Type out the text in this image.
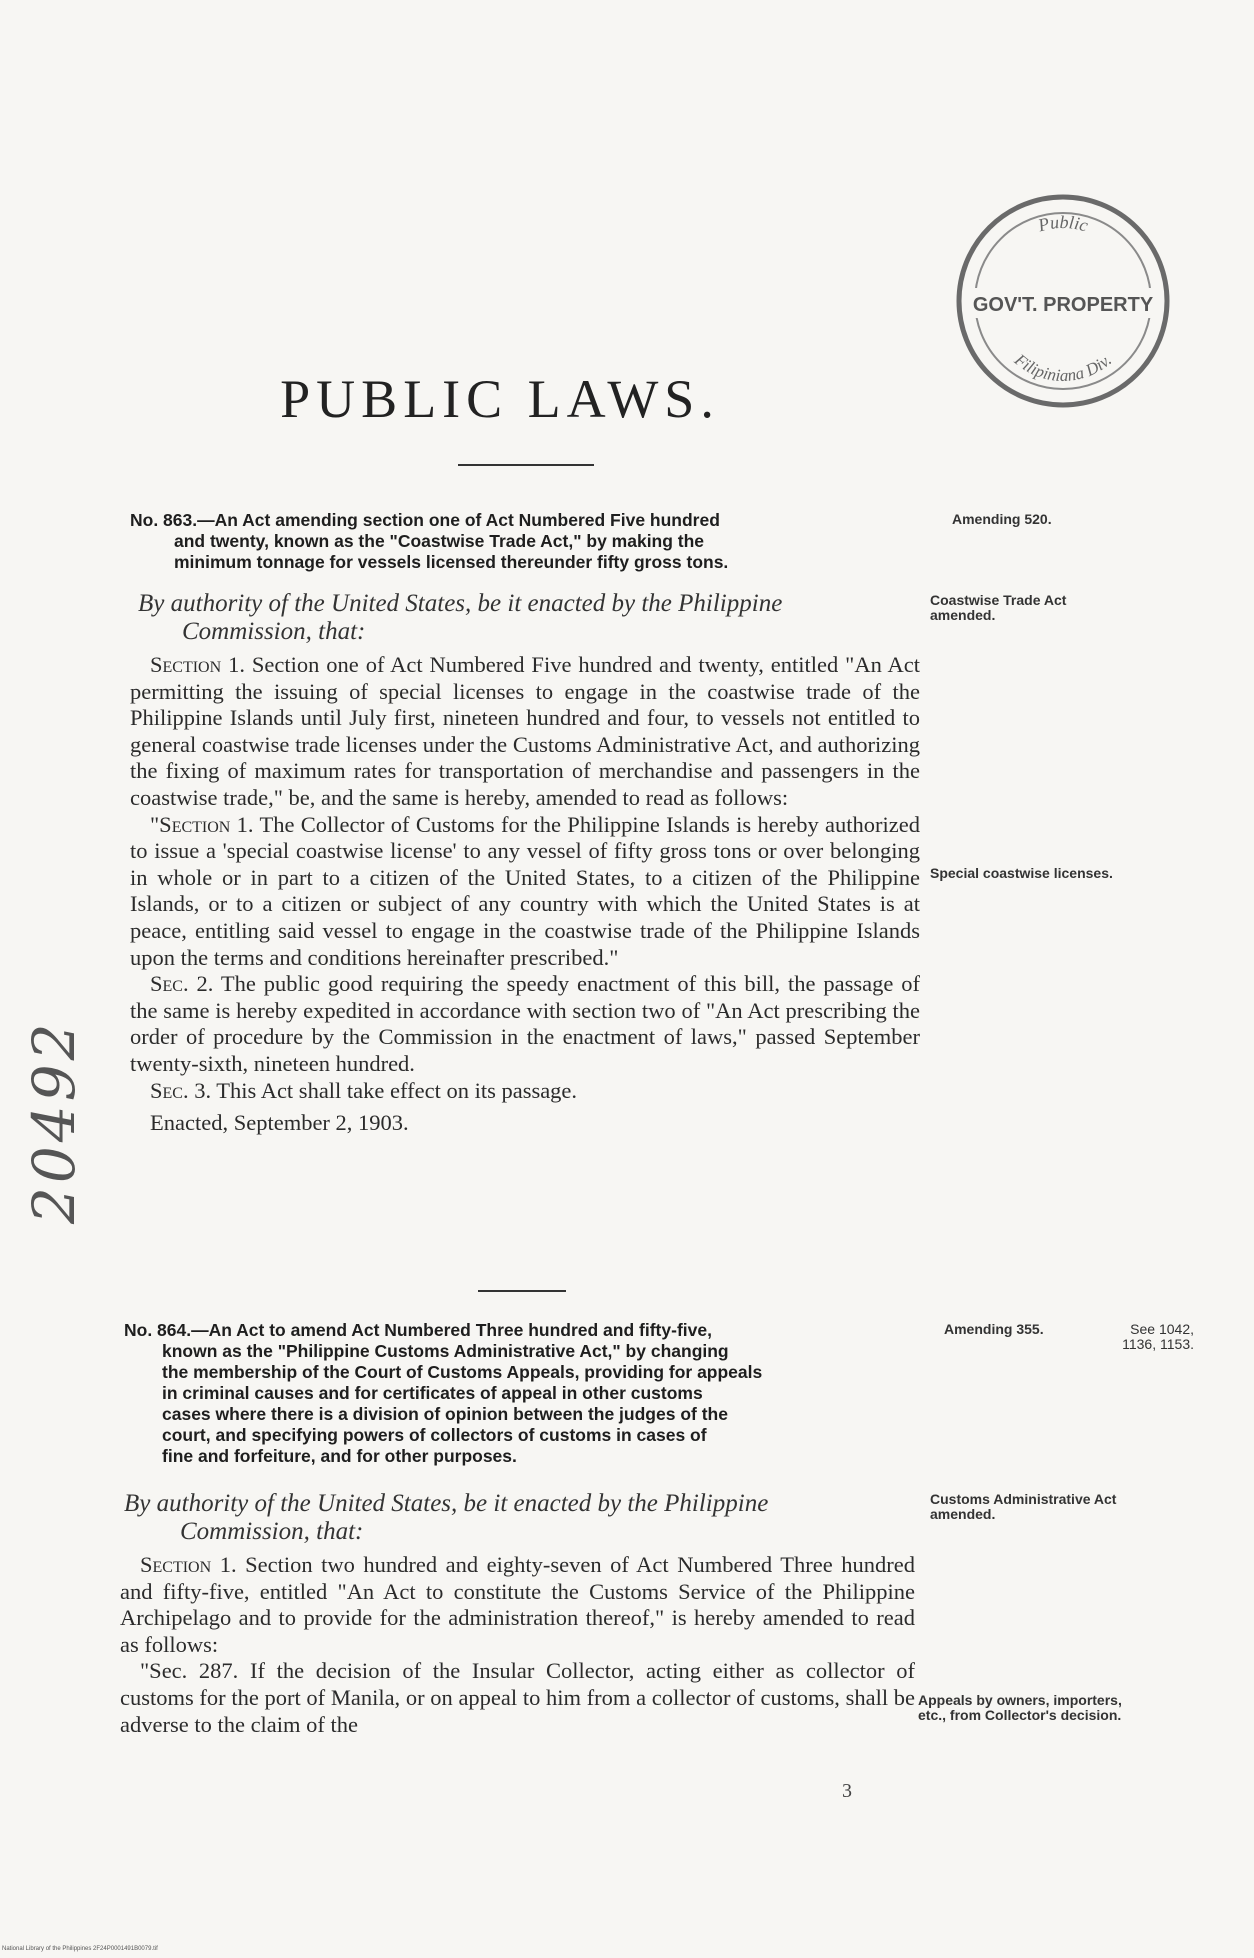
Public
GOV'T. PROPERTY
Filipiniana Div.
20492
PUBLIC LAWS.
No. 863.—An Act amending section one of Act Numbered Five hundred
and twenty, known as the "Coastwise Trade Act," by making the
minimum tonnage for vessels licensed thereunder fifty gross tons.
Amending 520.
By authority of the United States, be it enacted by the Philippine
Commission, that:
Coastwise Trade Act amended.

Section 1. Section one of Act Numbered Five hundred and twenty, entitled "An Act permitting the issuing of special licenses to engage in the coastwise trade of the Philippine Islands until July first, nineteen hundred and four, to vessels not entitled to general coastwise trade licenses under the Customs Administrative Act, and authorizing the fixing of maximum rates for transportation of merchandise and passengers in the coastwise trade," be, and the same is hereby, amended to read as follows:

"Section 1. The Collector of Customs for the Philippine Islands is hereby authorized to issue a 'special coastwise license' to any vessel of fifty gross tons or over belonging in whole or in part to a citizen of the United States, to a citizen of the Philippine Islands, or to a citizen or subject of any country with which the United States is at peace, entitling said vessel to engage in the coastwise trade of the Philippine Islands upon the terms and conditions hereinafter prescribed."

Sec. 2. The public good requiring the speedy enactment of this bill, the passage of the same is hereby expedited in accordance with section two of "An Act prescribing the order of procedure by the Commission in the enactment of laws," passed September twenty-sixth, nineteen hundred.

Sec. 3. This Act shall take effect on its passage.

Enacted, September 2, 1903.

Special coastwise licenses.
No. 864.—An Act to amend Act Numbered Three hundred and fifty-five,
known as the "Philippine Customs Administrative Act," by changing
the membership of the Court of Customs Appeals, providing for appeals
in criminal causes and for certificates of appeal in other customs
cases where there is a division of opinion between the judges of the
court, and specifying powers of collectors of customs in cases of
fine and forfeiture, and for other purposes.
Amending 355.	See 1042, 1136, 1153.
By authority of the United States, be it enacted by the Philippine
Commission, that:
Customs Administrative Act amended.

Section 1. Section two hundred and eighty-seven of Act Numbered Three hundred and fifty-five, entitled "An Act to constitute the Customs Service of the Philippine Archipelago and to provide for the administration thereof," is hereby amended to read as follows:

"Sec. 287. If the decision of the Insular Collector, acting either as collector of customs for the port of Manila, or on appeal to him from a collector of customs, shall be adverse to the claim of the

Appeals by owners, importers, etc., from Collector's decision.
3
National Library of the Philippines 2F24P0001491B0079.tif
